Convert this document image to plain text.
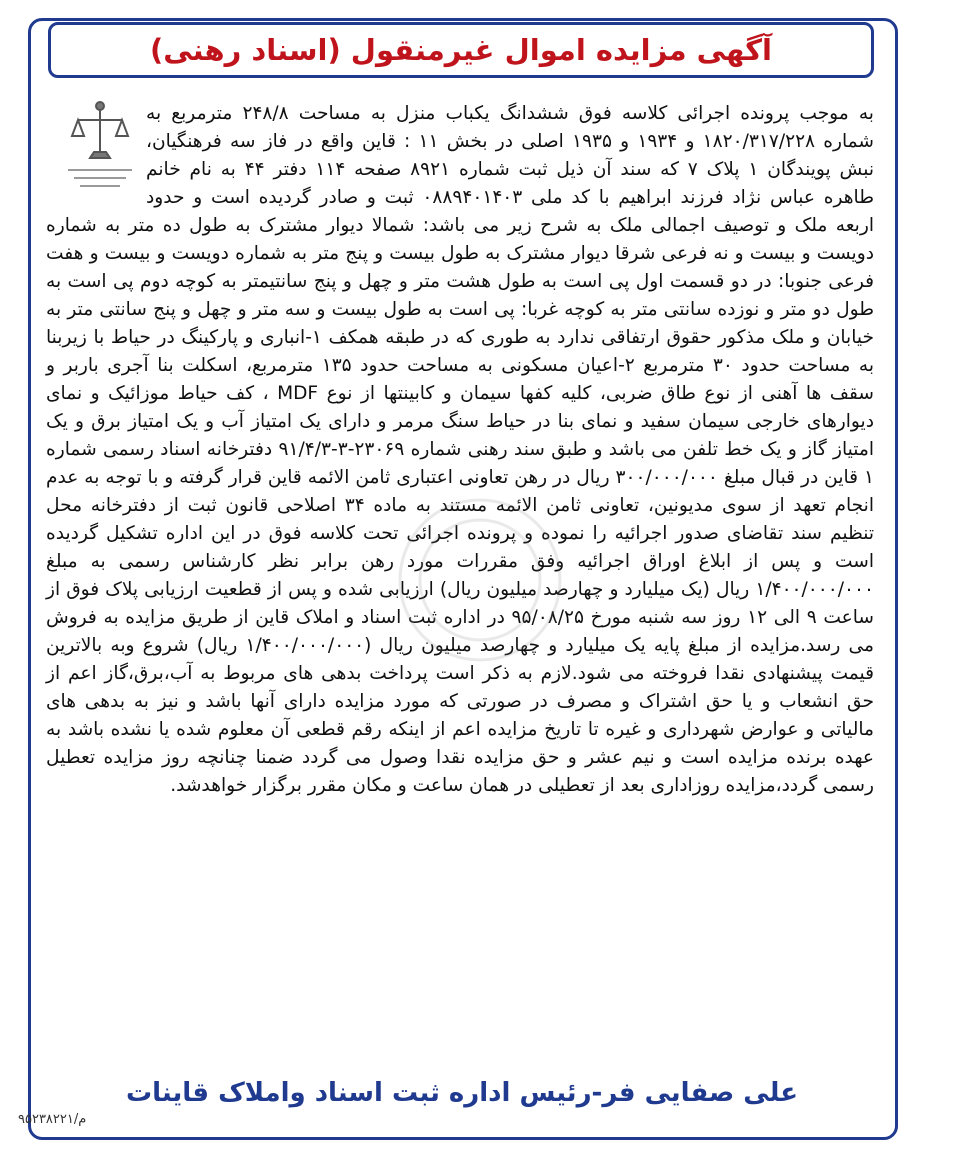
آگهی مزایده اموال غیرمنقول (اسناد رهنی)

به موجب پرونده اجرائی کلاسه فوق ششدانگ یکباب منزل به مساحت ۲۴۸/۸ مترمربع به شماره ۱۸۲۰/۳۱۷/۲۲۸ و ۱۹۳۴ و ۱۹۳۵ اصلی در بخش ۱۱ : قاین واقع در فاز سه فرهنگیان، نبش پویندگان ۱ پلاک ۷ که سند آن ذیل ثبت شماره ۸۹۲۱ صفحه ۱۱۴ دفتر ۴۴ به نام خانم طاهره عباس نژاد فرزند ابراهیم با کد ملی ۰۸۸۹۴۰۱۴۰۳ ثبت و صادر گردیده است و حدود اربعه ملک و توصیف اجمالی ملک به شرح زیر می باشد: شمالا دیوار مشترک به طول ده متر به شماره دویست و بیست و نه فرعی شرقا دیوار مشترک به طول بیست و پنج متر به شماره دویست و بیست و هفت فرعی جنوبا: در دو قسمت اول پی است به طول هشت متر و چهل و پنج سانتیمتر به کوچه دوم پی است به طول دو متر و نوزده سانتی متر به کوچه غربا: پی است به طول بیست و سه متر و چهل و پنج سانتی متر به خیابان و ملک مذکور حقوق ارتفاقی ندارد به طوری که در طبقه همکف ۱-انباری و پارکینگ در حیاط با زیربنا به مساحت حدود ۳۰ مترمربع ۲-اعیان مسکونی به مساحت حدود ۱۳۵ مترمربع، اسکلت بنا آجری باربر و سقف ها آهنی از نوع طاق ضربی، کلیه کفها سیمان و کابینتها از نوع MDF ، کف حیاط موزائیک و نمای دیوارهای خارجی سیمان سفید و نمای بنا در حیاط سنگ مرمر و دارای یک امتیاز آب و یک امتیاز برق و یک امتیاز گاز و یک خط تلفن می باشد و طبق سند رهنی شماره ۲۳۰۶۹-۳-۹۱/۴/۳ دفترخانه اسناد رسمی شماره ۱ قاین در قبال مبلغ ۳۰۰/۰۰۰/۰۰۰ ریال در رهن تعاونی اعتباری ثامن الائمه قاین قرار گرفته و با توجه به عدم انجام تعهد از سوی مدیونین، تعاونی ثامن الائمه مستند به ماده ۳۴ اصلاحی قانون ثبت از دفترخانه محل تنظیم سند تقاضای صدور اجرائیه را نموده و پرونده اجرائی تحت کلاسه فوق در این اداره تشکیل گردیده است و پس از ابلاغ اوراق اجرائیه وفق مقررات مورد رهن برابر نظر کارشناس رسمی به مبلغ ۱/۴۰۰/۰۰۰/۰۰۰ ریال (یک میلیارد و چهارصد میلیون ریال) ارزیابی شده و پس از قطعیت ارزیابی پلاک فوق از ساعت ۹ الی ۱۲ روز سه شنبه مورخ ۹۵/۰۸/۲۵ در اداره ثبت اسناد و املاک قاین از طریق مزایده به فروش می رسد.مزایده از مبلغ پایه یک میلیارد و چهارصد میلیون ریال (۱/۴۰۰/۰۰۰/۰۰۰ ریال) شروع وبه بالاترین قیمت پیشنهادی نقدا فروخته می شود.لازم به ذکر است پرداخت بدهی های مربوط به آب،برق،گاز اعم از حق انشعاب و یا حق اشتراک و مصرف در صورتی که مورد مزایده دارای آنها باشد و نیز به بدهی های مالیاتی و عوارض شهرداری و غیره تا تاریخ مزایده اعم از اینکه رقم قطعی آن معلوم شده یا نشده باشد به عهده برنده مزایده است و نیم عشر و حق مزایده نقدا وصول می گردد ضمنا چنانچه روز مزایده تعطیل رسمی گردد،مزایده روزاداری بعد از تعطیلی در همان ساعت و مکان مقرر برگزار خواهدشد.

علی صفایی فر-رئیس اداره ثبت اسناد واملاک قاینات

م/۹۵۲۳۸۲۲۱
